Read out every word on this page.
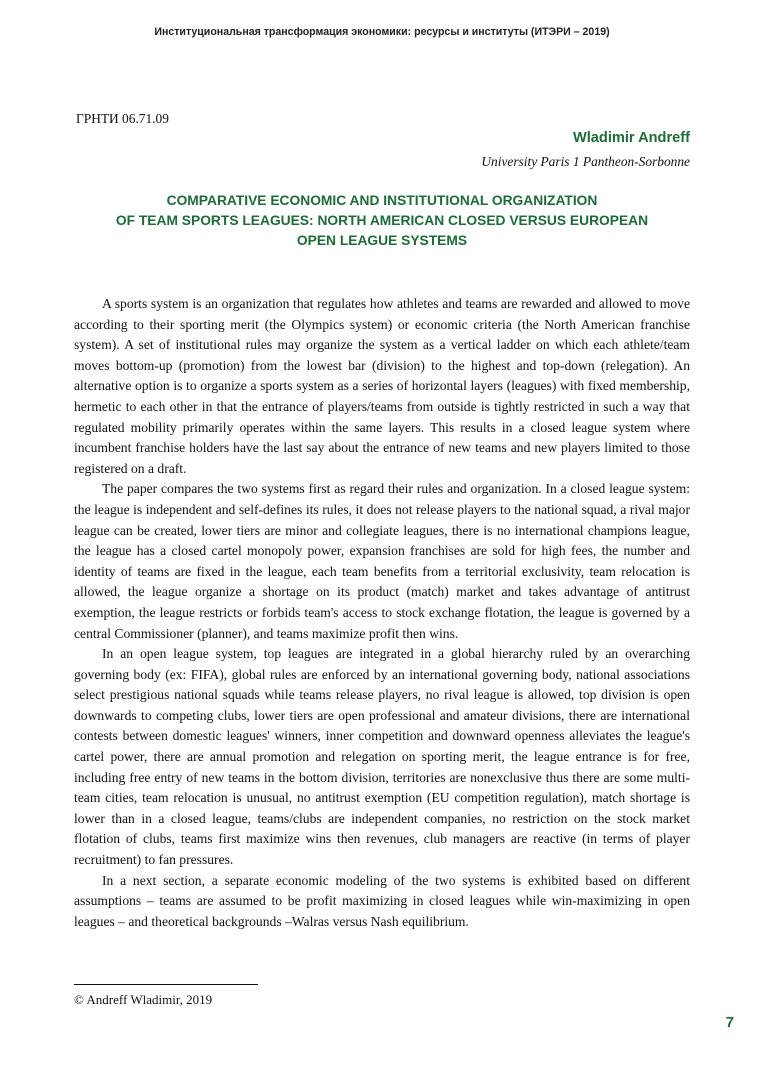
Институциональная трансформация экономики: ресурсы и институты (ИТЭРИ – 2019)
ГРНТИ 06.71.09
Wladimir Andreff
University Paris 1 Pantheon-Sorbonne
COMPARATIVE ECONOMIC AND INSTITUTIONAL ORGANIZATION
OF TEAM SPORTS LEAGUES: NORTH AMERICAN CLOSED VERSUS EUROPEAN
OPEN LEAGUE SYSTEMS

A sports system is an organization that regulates how athletes and teams are rewarded and allowed to move according to their sporting merit (the Olympics system) or economic criteria (the North American franchise system). A set of institutional rules may organize the system as a vertical ladder on which each athlete/team moves bottom-up (promotion) from the lowest bar (division) to the highest and top-down (relegation). An alternative option is to organize a sports system as a series of horizontal layers (leagues) with fixed membership, hermetic to each other in that the entrance of players/teams from outside is tightly restricted in such a way that regulated mobility primarily operates within the same layers. This results in a closed league system where incumbent franchise holders have the last say about the entrance of new teams and new players limited to those registered on a draft.

The paper compares the two systems first as regard their rules and organization. In a closed league system: the league is independent and self-defines its rules, it does not release players to the national squad, a rival major league can be created, lower tiers are minor and collegiate leagues, there is no international champions league, the league has a closed cartel monopoly power, expansion franchises are sold for high fees, the number and identity of teams are fixed in the league, each team benefits from a territorial exclusivity, team relocation is allowed, the league organize a shortage on its product (match) market and takes advantage of antitrust exemption, the league restricts or forbids team's access to stock exchange flotation, the league is governed by a central Commissioner (planner), and teams maximize profit then wins.

In an open league system, top leagues are integrated in a global hierarchy ruled by an overarching governing body (ex: FIFA), global rules are enforced by an international governing body, national associations select prestigious national squads while teams release players, no rival league is allowed, top division is open downwards to competing clubs, lower tiers are open professional and amateur divisions, there are international contests between domestic leagues' winners, inner competition and downward openness alleviates the league's cartel power, there are annual promotion and relegation on sporting merit, the league entrance is for free, including free entry of new teams in the bottom division, territories are nonexclusive thus there are some multi-team cities, team relocation is unusual, no antitrust exemption (EU competition regulation), match shortage is lower than in a closed league, teams/clubs are independent companies, no restriction on the stock market flotation of clubs, teams first maximize wins then revenues, club managers are reactive (in terms of player recruitment) to fan pressures.

In a next section, a separate economic modeling of the two systems is exhibited based on different assumptions – teams are assumed to be profit maximizing in closed leagues while win-maximizing in open leagues – and theoretical backgrounds –Walras versus Nash equilibrium.

© Andreff Wladimir, 2019
7
